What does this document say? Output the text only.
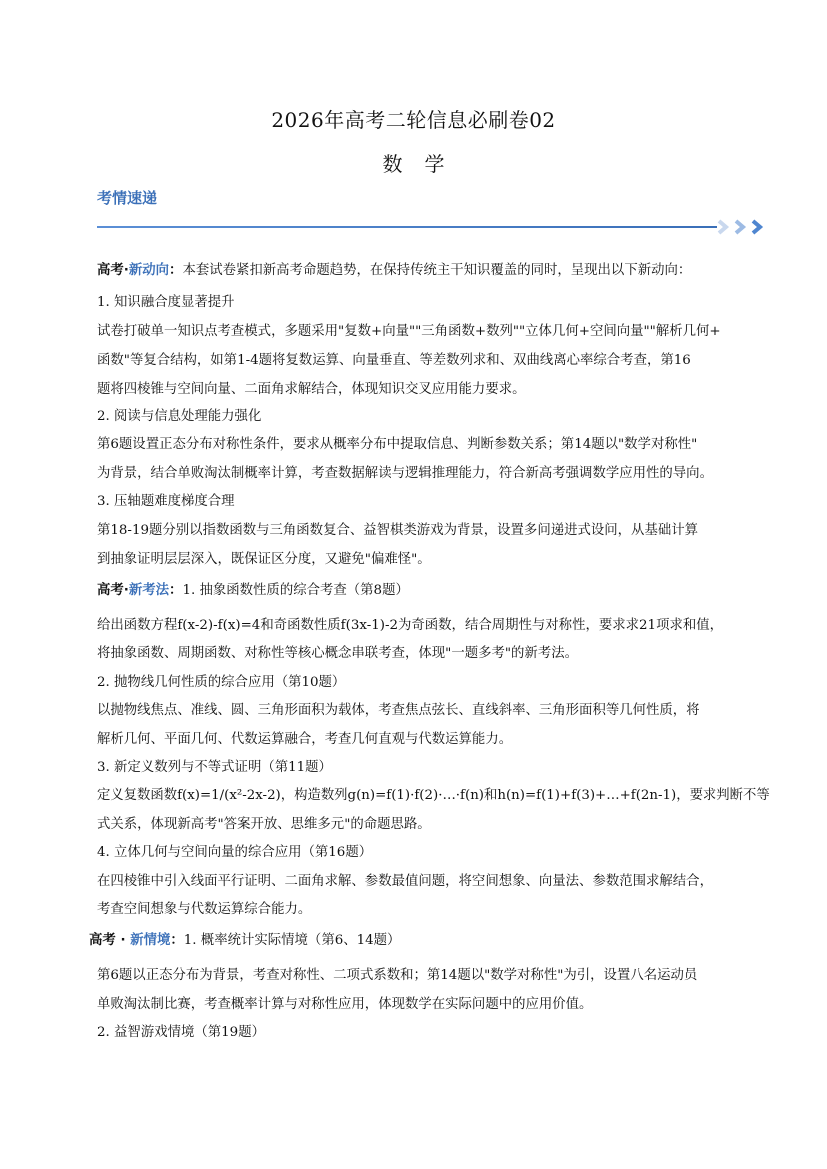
2026年高考二轮信息必刷卷02
数学
考情速递
高考·新动向：本套试卷紧扣新高考命题趋势，在保持传统主干知识覆盖的同时，呈现出以下新动向：
1. 知识融合度显著提升
试卷打破单一知识点考查模式，多题采用"复数+向量""三角函数+数列""立体几何+空间向量""解析几何+
函数"等复合结构，如第1-4题将复数运算、向量垂直、等差数列求和、双曲线离心率综合考查，第16
题将四棱锥与空间向量、二面角求解结合，体现知识交叉应用能力要求。
2. 阅读与信息处理能力强化
第6题设置正态分布对称性条件，要求从概率分布中提取信息、判断参数关系；第14题以"数学对称性"
为背景，结合单败淘汰制概率计算，考查数据解读与逻辑推理能力，符合新高考强调数学应用性的导向。
3. 压轴题难度梯度合理
第18-19题分别以指数函数与三角函数复合、益智棋类游戏为背景，设置多问递进式设问，从基础计算
到抽象证明层层深入，既保证区分度，又避免"偏难怪"。
高考·新考法：1. 抽象函数性质的综合考查（第8题）
给出函数方程f(x-2)-f(x)=4和奇函数性质f(3x-1)-2为奇函数，结合周期性与对称性，要求求21项求和值，
将抽象函数、周期函数、对称性等核心概念串联考查，体现"一题多考"的新考法。
2. 抛物线几何性质的综合应用（第10题）
以抛物线焦点、准线、圆、三角形面积为载体，考查焦点弦长、直线斜率、三角形面积等几何性质，将
解析几何、平面几何、代数运算融合，考查几何直观与代数运算能力。
3. 新定义数列与不等式证明（第11题）
定义复数函数f(x)=1/(x²-2x-2)，构造数列g(n)=f(1)·f(2)·…·f(n)和h(n)=f(1)+f(3)+…+f(2n-1)，要求判断不等
式关系，体现新高考"答案开放、思维多元"的命题思路。
4. 立体几何与空间向量的综合应用（第16题）
在四棱锥中引入线面平行证明、二面角求解、参数最值问题，将空间想象、向量法、参数范围求解结合，
考查空间想象与代数运算综合能力。
高考 · 新情境：1. 概率统计实际情境（第6、14题）
第6题以正态分布为背景，考查对称性、二项式系数和；第14题以"数学对称性"为引，设置八名运动员
单败淘汰制比赛，考查概率计算与对称性应用，体现数学在实际问题中的应用价值。
2. 益智游戏情境（第19题）
